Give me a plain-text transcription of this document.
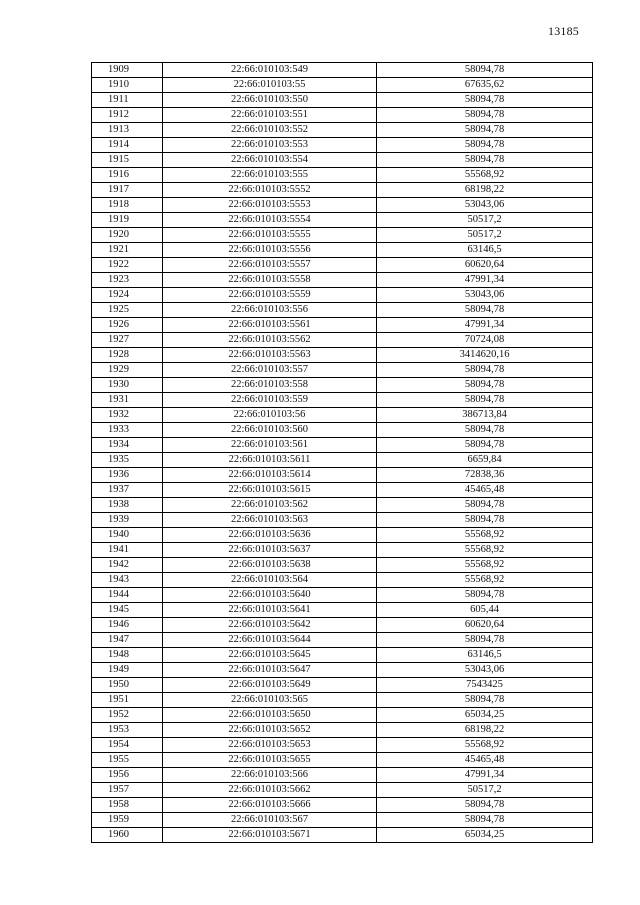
13185
1909	22:66:010103:549	58094,78
1910	22:66:010103:55	67635,62
1911	22:66:010103:550	58094,78
1912	22:66:010103:551	58094,78
1913	22:66:010103:552	58094,78
1914	22:66:010103:553	58094,78
1915	22:66:010103:554	58094,78
1916	22:66:010103:555	55568,92
1917	22:66:010103:5552	68198,22
1918	22:66:010103:5553	53043,06
1919	22:66:010103:5554	50517,2
1920	22:66:010103:5555	50517,2
1921	22:66:010103:5556	63146,5
1922	22:66:010103:5557	60620,64
1923	22:66:010103:5558	47991,34
1924	22:66:010103:5559	53043,06
1925	22:66:010103:556	58094,78
1926	22:66:010103:5561	47991,34
1927	22:66:010103:5562	70724,08
1928	22:66:010103:5563	3414620,16
1929	22:66:010103:557	58094,78
1930	22:66:010103:558	58094,78
1931	22:66:010103:559	58094,78
1932	22:66:010103:56	386713,84
1933	22:66:010103:560	58094,78
1934	22:66:010103:561	58094,78
1935	22:66:010103:5611	6659,84
1936	22:66:010103:5614	72838,36
1937	22:66:010103:5615	45465,48
1938	22:66:010103:562	58094,78
1939	22:66:010103:563	58094,78
1940	22:66:010103:5636	55568,92
1941	22:66:010103:5637	55568,92
1942	22:66:010103:5638	55568,92
1943	22:66:010103:564	55568,92
1944	22:66:010103:5640	58094,78
1945	22:66:010103:5641	605,44
1946	22:66:010103:5642	60620,64
1947	22:66:010103:5644	58094,78
1948	22:66:010103:5645	63146,5
1949	22:66:010103:5647	53043,06
1950	22:66:010103:5649	7543425
1951	22:66:010103:565	58094,78
1952	22:66:010103:5650	65034,25
1953	22:66:010103:5652	68198,22
1954	22:66:010103:5653	55568,92
1955	22:66:010103:5655	45465,48
1956	22:66:010103:566	47991,34
1957	22:66:010103:5662	50517,2
1958	22:66:010103:5666	58094,78
1959	22:66:010103:567	58094,78
1960	22:66:010103:5671	65034,25
